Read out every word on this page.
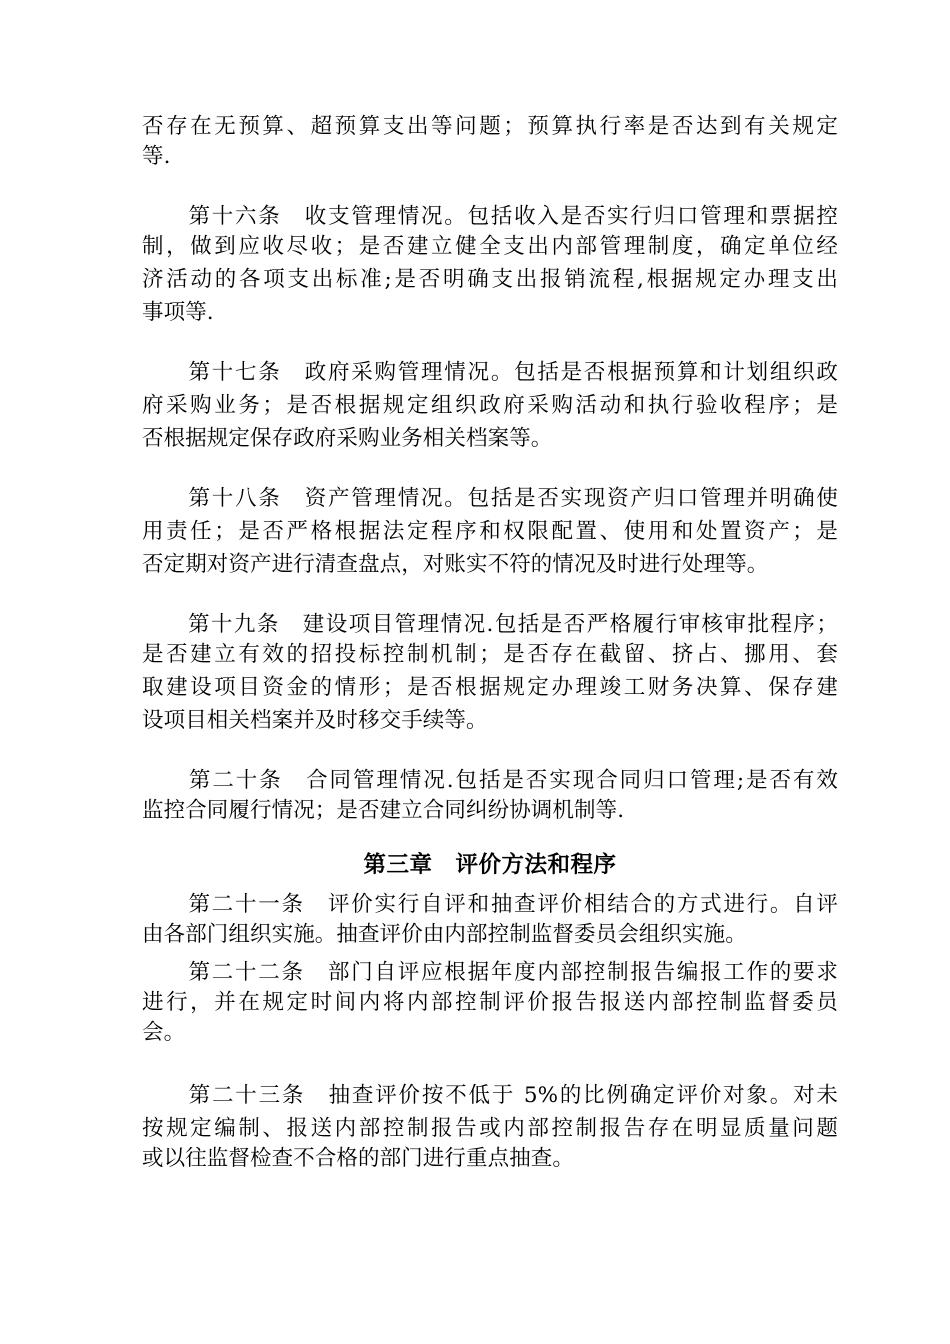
否存在无预算、超预算支出等问题；预算执行率是否达到有关规定
等.
　　第十六条　收支管理情况。包括收入是否实行归口管理和票据控
制，做到应收尽收；是否建立健全支出内部管理制度，确定单位经
济活动的各项支出标准;是否明确支出报销流程,根据规定办理支出
事项等.
　　第十七条　政府采购管理情况。包括是否根据预算和计划组织政
府采购业务；是否根据规定组织政府采购活动和执行验收程序；是
否根据规定保存政府采购业务相关档案等。
　　第十八条　资产管理情况。包括是否实现资产归口管理并明确使
用责任；是否严格根据法定程序和权限配置、使用和处置资产；是
否定期对资产进行清查盘点，对账实不符的情况及时进行处理等。
　　第十九条　建设项目管理情况.包括是否严格履行审核审批程序；
是否建立有效的招投标控制机制；是否存在截留、挤占、挪用、套
取建设项目资金的情形；是否根据规定办理竣工财务决算、保存建
设项目相关档案并及时移交手续等。
　　第二十条　合同管理情况.包括是否实现合同归口管理;是否有效
监控合同履行情况；是否建立合同纠纷协调机制等.
第三章　评价方法和程序
　　第二十一条　评价实行自评和抽查评价相结合的方式进行。自评
由各部门组织实施。抽查评价由内部控制监督委员会组织实施。
　　第二十二条　部门自评应根据年度内部控制报告编报工作的要求
进行，并在规定时间内将内部控制评价报告报送内部控制监督委员
会。
　　第二十三条　抽查评价按不低于 5%的比例确定评价对象。对未
按规定编制、报送内部控制报告或内部控制报告存在明显质量问题
或以往监督检查不合格的部门进行重点抽查。
